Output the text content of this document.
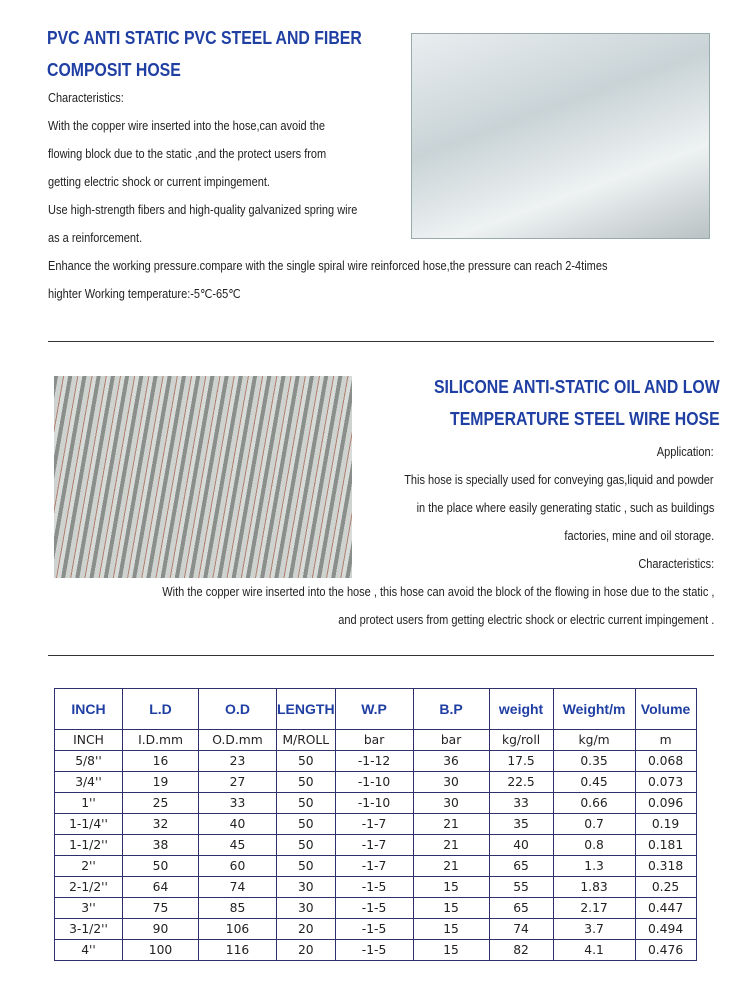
PVC ANTI STATIC PVC STEEL AND FIBER
COMPOSIT HOSE
Characteristics:
With the copper wire inserted into the hose,can avoid the
flowing block due to the static ,and the protect users from
getting electric shock or current impingement.
Use high-strength fibers and high-quality galvanized spring wire
as a reinforcement.
Enhance the working pressure.compare with the single spiral wire reinforced hose,the pressure can reach 2-4times
highter Working temperature:-5℃-65℃
SILICONE ANTI-STATIC OIL AND LOW
TEMPERATURE STEEL WIRE HOSE
Application:
This hose is specially used for conveying gas,liquid and powder
in the place where easily generating static , such as buildings
factories, mine and oil storage.
Characteristics:
With the copper wire inserted into the hose , this hose can avoid the block of the flowing in hose due to the static ,
and protect users from getting electric shock or electric current impingement .
INCH	L.D	O.D	LENGTH	W.P	B.P	weight	Weight/m	Volume
INCH	I.D.mm	O.D.mm	M/ROLL	bar	bar	kg/roll	kg/m	m
5/8''	16	23	50	-1-12	36	17.5	0.35	0.068
3/4''	19	27	50	-1-10	30	22.5	0.45	0.073
1''	25	33	50	-1-10	30	33	0.66	0.096
1-1/4''	32	40	50	-1-7	21	35	0.7	0.19
1-1/2''	38	45	50	-1-7	21	40	0.8	0.181
2''	50	60	50	-1-7	21	65	1.3	0.318
2-1/2''	64	74	30	-1-5	15	55	1.83	0.25
3''	75	85	30	-1-5	15	65	2.17	0.447
3-1/2''	90	106	20	-1-5	15	74	3.7	0.494
4''	100	116	20	-1-5	15	82	4.1	0.476
